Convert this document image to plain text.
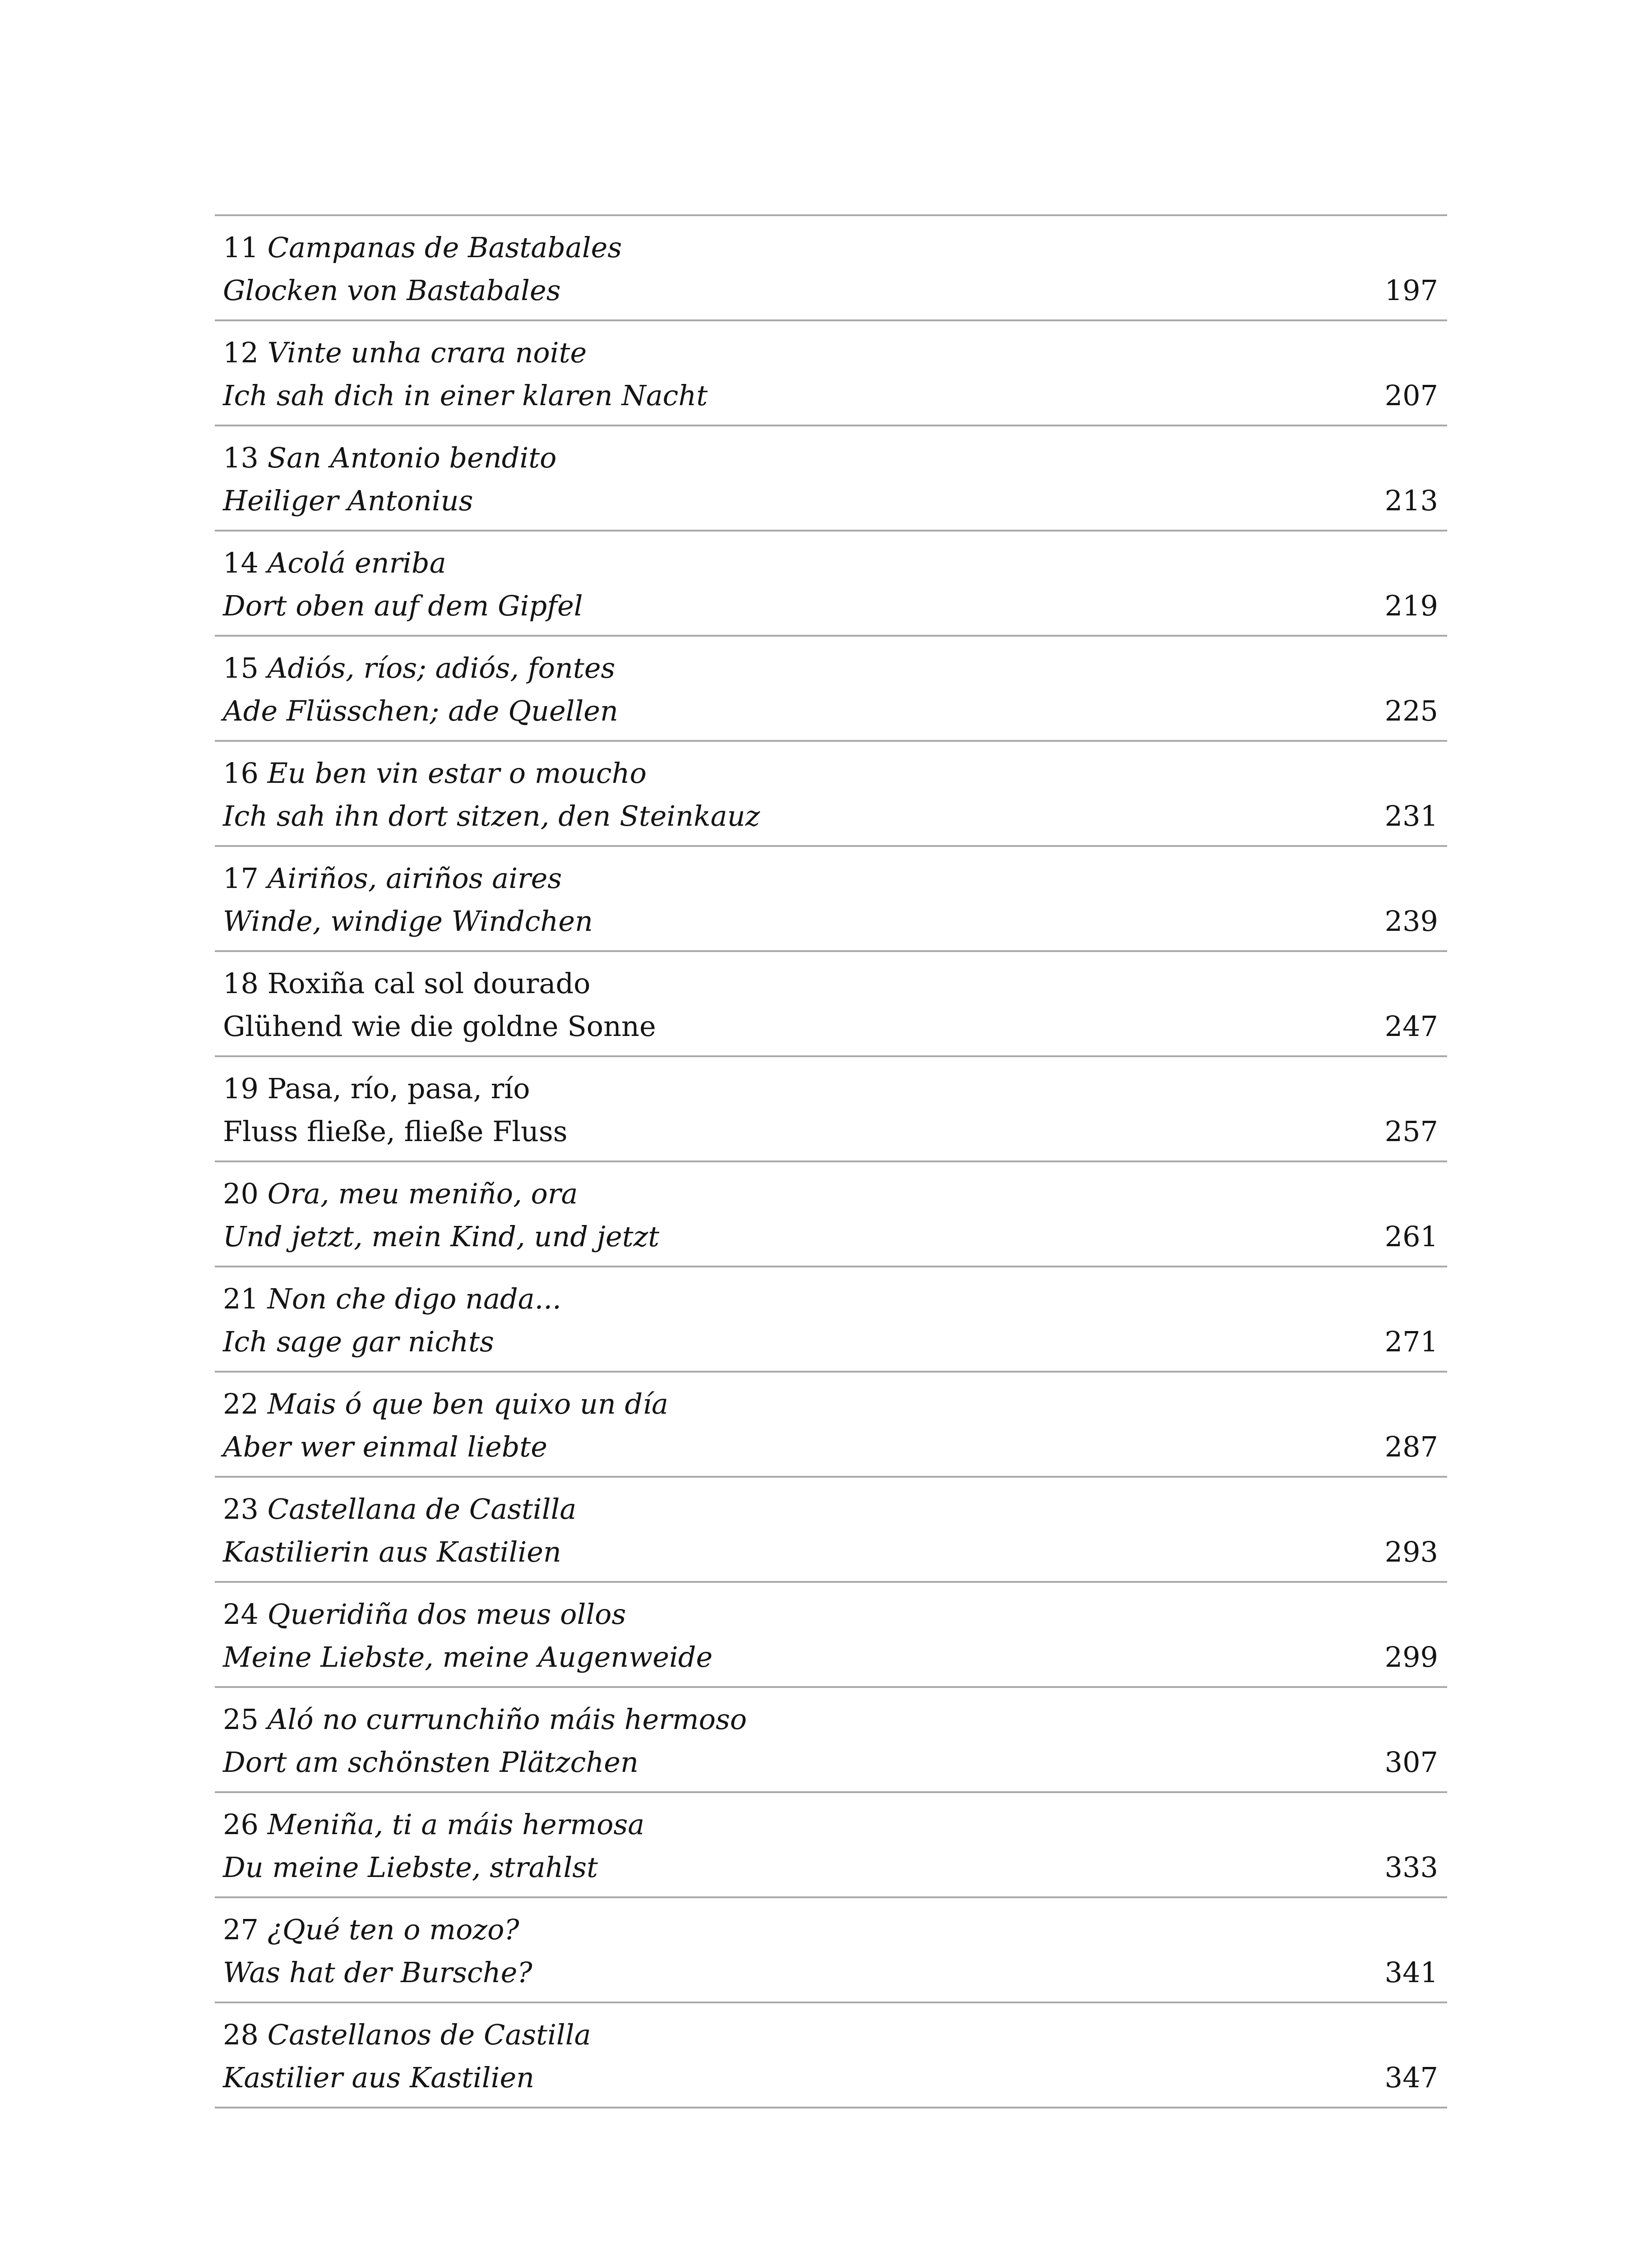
11 Campanas de Bastabales
Glocken von Bastabales	197
12 Vinte unha crara noite
Ich sah dich in einer klaren Nacht	207
13 San Antonio bendito
Heiliger Antonius	213
14 Acolá enriba
Dort oben auf dem Gipfel	219
15 Adiós, ríos; adiós, fontes
Ade Flüsschen; ade Quellen	225
16 Eu ben vin estar o moucho
Ich sah ihn dort sitzen, den Steinkauz	231
17 Airiños, airiños aires
Winde, windige Windchen	239
18 Roxiña cal sol dourado
Glühend wie die goldne Sonne	247
19 Pasa, río, pasa, río
Fluss fließe, fließe Fluss	257
20 Ora, meu meniño, ora
Und jetzt, mein Kind, und jetzt	261
21 Non che digo nada...
Ich sage gar nichts	271
22 Mais ó que ben quixo un día
Aber wer einmal liebte	287
23 Castellana de Castilla
Kastilierin aus Kastilien	293
24 Queridiña dos meus ollos
Meine Liebste, meine Augenweide	299
25 Aló no currunchiño máis hermoso
Dort am schönsten Plätzchen	307
26 Meniña, ti a máis hermosa
Du meine Liebste, strahlst	333
27 ¿Qué ten o mozo?
Was hat der Bursche?	341
28 Castellanos de Castilla
Kastilier aus Kastilien	347
